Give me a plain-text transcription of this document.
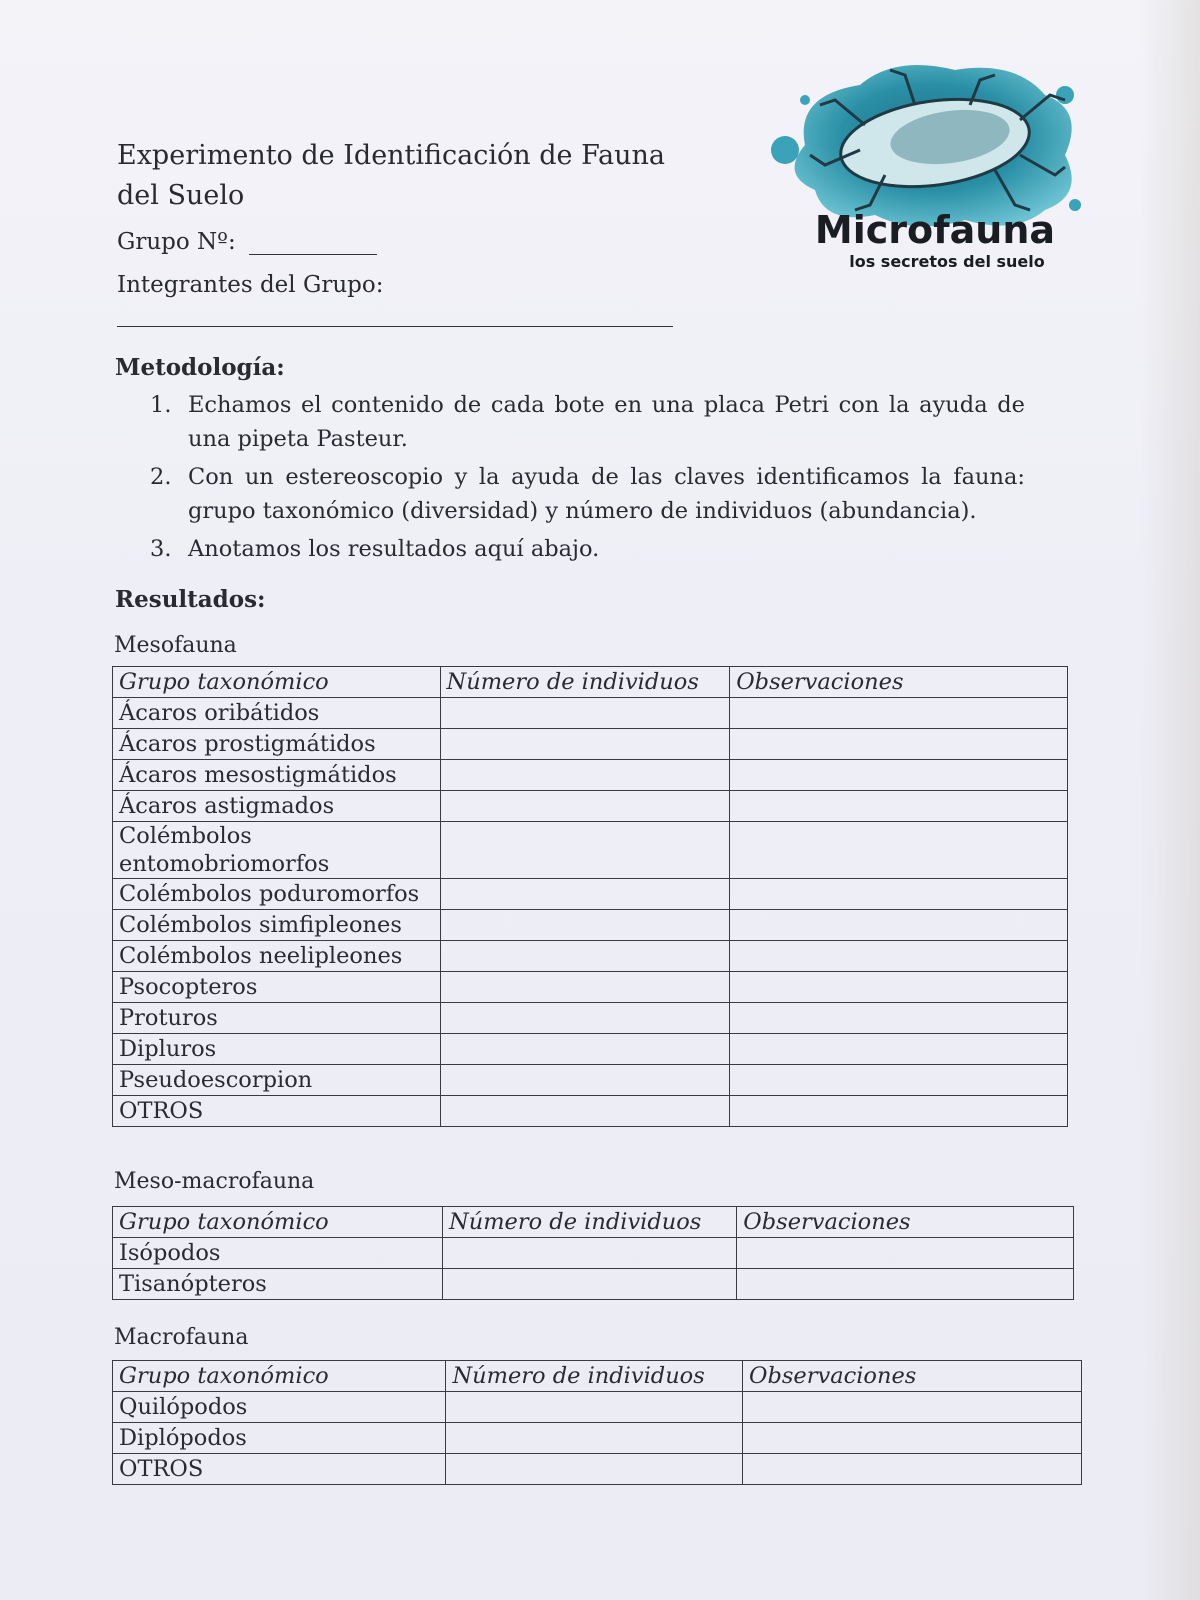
Experimento de Identificación de Fauna del Suelo
Grupo Nº:
Integrantes del Grupo:
Microfauna
los secretos del suelo
Metodología:
1. Echamos el contenido de cada bote en una placa Petri con la ayuda de una pipeta Pasteur.
2. Con un estereoscopio y la ayuda de las claves identificamos la fauna: grupo taxonómico (diversidad) y número de individuos (abundancia).
3. Anotamos los resultados aquí abajo.
Resultados:
Mesofauna
Grupo taxonómico	Número de individuos	Observaciones
Ácaros oribátidos		
Ácaros prostigmátidos		
Ácaros mesostigmátidos		
Ácaros astigmados		
Colémbolos entomobriomorfos		
Colémbolos poduromorfos		
Colémbolos simfipleones		
Colémbolos neelipleones		
Psocopteros		
Proturos		
Dipluros		
Pseudoescorpion		
OTROS		
Meso-macrofauna
Grupo taxonómico	Número de individuos	Observaciones
Isópodos		
Tisanópteros		
Macrofauna
Grupo taxonómico	Número de individuos	Observaciones
Quilópodos		
Diplópodos		
OTROS		
